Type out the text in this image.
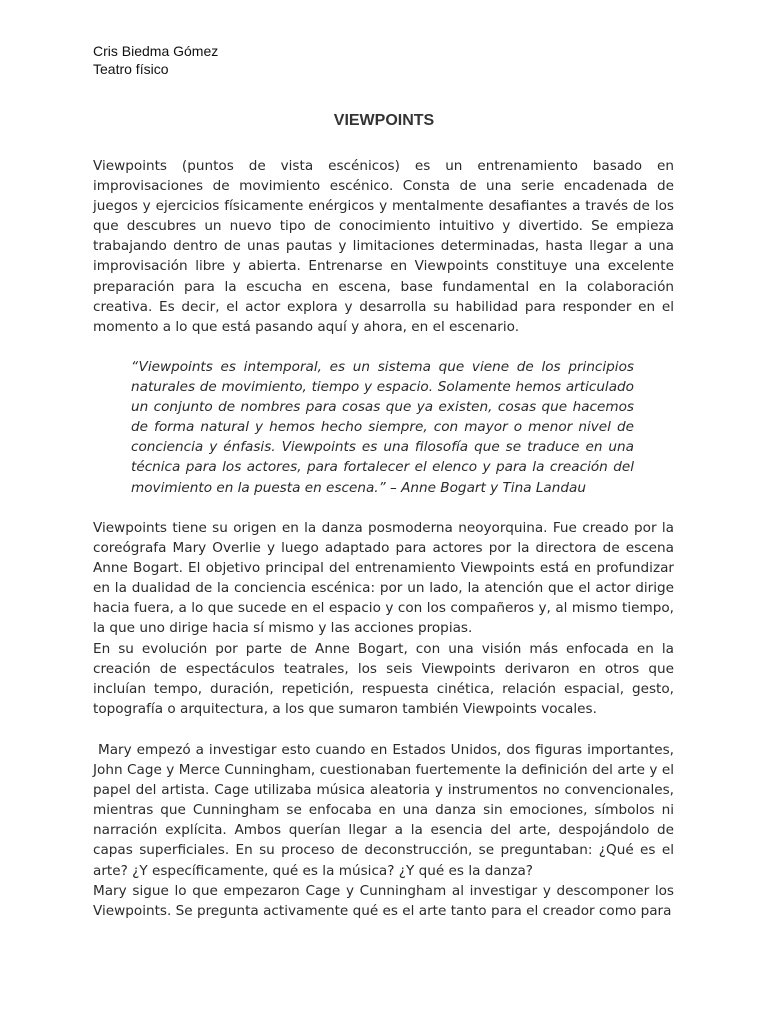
Cris Biedma Gómez
Teatro físico
VIEWPOINTS

Viewpoints (puntos de vista escénicos) es un entrenamiento basado en improvisaciones de movimiento escénico. Consta de una serie encadenada de juegos y ejercicios físicamente enérgicos y mentalmente desafiantes a través de los que descubres un nuevo tipo de conocimiento intuitivo y divertido. Se empieza trabajando dentro de unas pautas y limitaciones determinadas, hasta llegar a una improvisación libre y abierta. Entrenarse en Viewpoints constituye una excelente preparación para la escucha en escena, base fundamental en la colaboración creativa. Es decir, el actor explora y desarrolla su habilidad para responder en el momento a lo que está pasando aquí y ahora, en el escenario.

“Viewpoints es intemporal, es un sistema que viene de los principios naturales de movimiento, tiempo y espacio. Solamente hemos articulado un conjunto de nombres para cosas que ya existen, cosas que hacemos de forma natural y hemos hecho siempre, con mayor o menor nivel de conciencia y énfasis. Viewpoints es una filosofía que se traduce en una técnica para los actores, para fortalecer el elenco y para la creación del movimiento en la puesta en escena.” – Anne Bogart y Tina Landau

Viewpoints tiene su origen en la danza posmoderna neoyorquina. Fue creado por la coreógrafa Mary Overlie y luego adaptado para actores por la directora de escena Anne Bogart. El objetivo principal del entrenamiento Viewpoints está en profundizar en la dualidad de la conciencia escénica: por un lado, la atención que el actor dirige hacia fuera, a lo que sucede en el espacio y con los compañeros y, al mismo tiempo, la que uno dirige hacia sí mismo y las acciones propias.

En su evolución por parte de Anne Bogart, con una visión más enfocada en la creación de espectáculos teatrales, los seis Viewpoints derivaron en otros que incluían tempo, duración, repetición, respuesta cinética, relación espacial, gesto, topografía o arquitectura, a los que sumaron también Viewpoints vocales.

Mary empezó a investigar esto cuando en Estados Unidos, dos figuras importantes, John Cage y Merce Cunningham, cuestionaban fuertemente la definición del arte y el papel del artista. Cage utilizaba música aleatoria y instrumentos no convencionales, mientras que Cunningham se enfocaba en una danza sin emociones, símbolos ni narración explícita. Ambos querían llegar a la esencia del arte, despojándolo de capas superficiales. En su proceso de deconstrucción, se preguntaban: ¿Qué es el arte? ¿Y específicamente, qué es la música? ¿Y qué es la danza?

Mary sigue lo que empezaron Cage y Cunningham al investigar y descomponer los Viewpoints. Se pregunta activamente qué es el arte tanto para el creador como para
